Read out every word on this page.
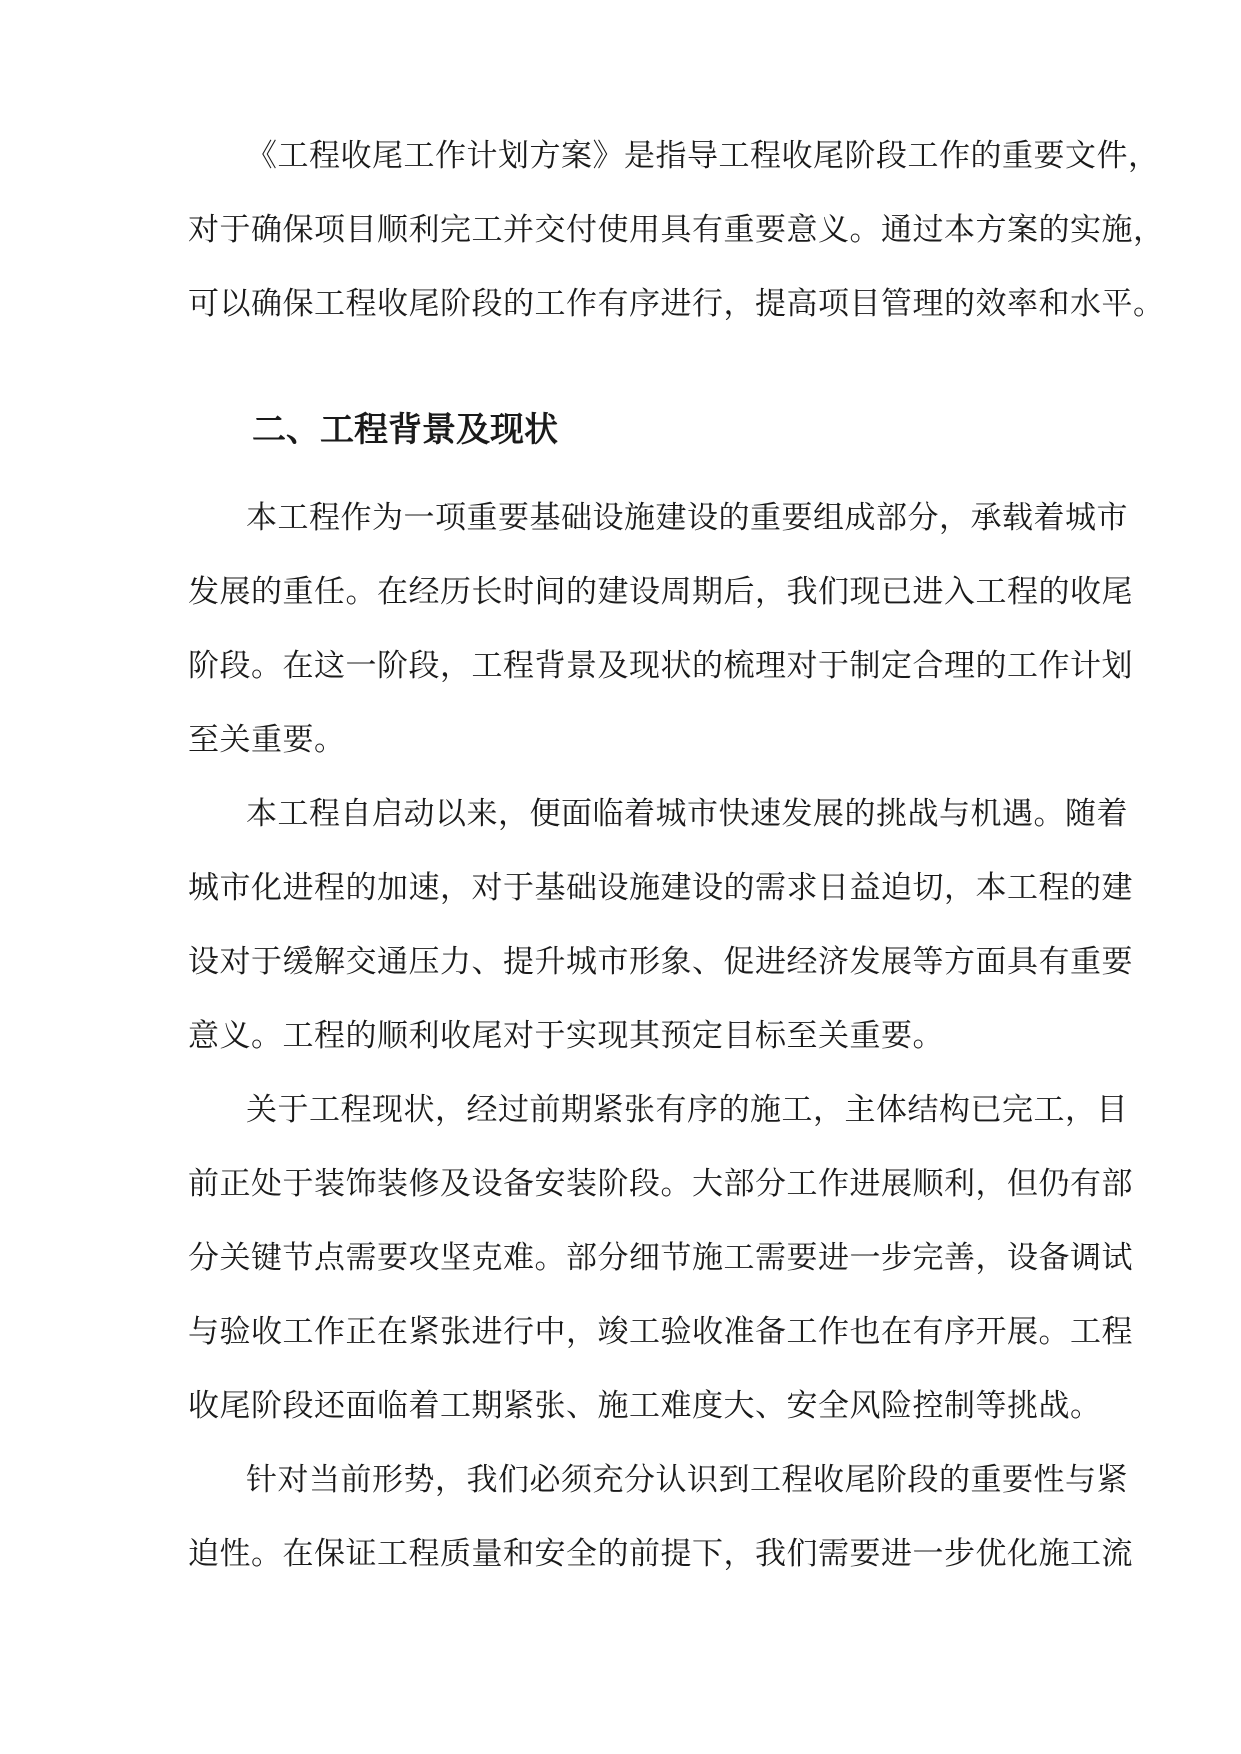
《工程收尾工作计划方案》是指导工程收尾阶段工作的重要文件，
对于确保项目顺利完工并交付使用具有重要意义。通过本方案的实施，
可以确保工程收尾阶段的工作有序进行，提高项目管理的效率和水平。
二、工程背景及现状
本工程作为一项重要基础设施建设的重要组成部分，承载着城市
发展的重任。在经历长时间的建设周期后，我们现已进入工程的收尾
阶段。在这一阶段，工程背景及现状的梳理对于制定合理的工作计划
至关重要。
本工程自启动以来，便面临着城市快速发展的挑战与机遇。随着
城市化进程的加速，对于基础设施建设的需求日益迫切，本工程的建
设对于缓解交通压力、提升城市形象、促进经济发展等方面具有重要
意义。工程的顺利收尾对于实现其预定目标至关重要。
关于工程现状，经过前期紧张有序的施工，主体结构已完工，目
前正处于装饰装修及设备安装阶段。大部分工作进展顺利，但仍有部
分关键节点需要攻坚克难。部分细节施工需要进一步完善，设备调试
与验收工作正在紧张进行中，竣工验收准备工作也在有序开展。工程
收尾阶段还面临着工期紧张、施工难度大、安全风险控制等挑战。
针对当前形势，我们必须充分认识到工程收尾阶段的重要性与紧
迫性。在保证工程质量和安全的前提下，我们需要进一步优化施工流
